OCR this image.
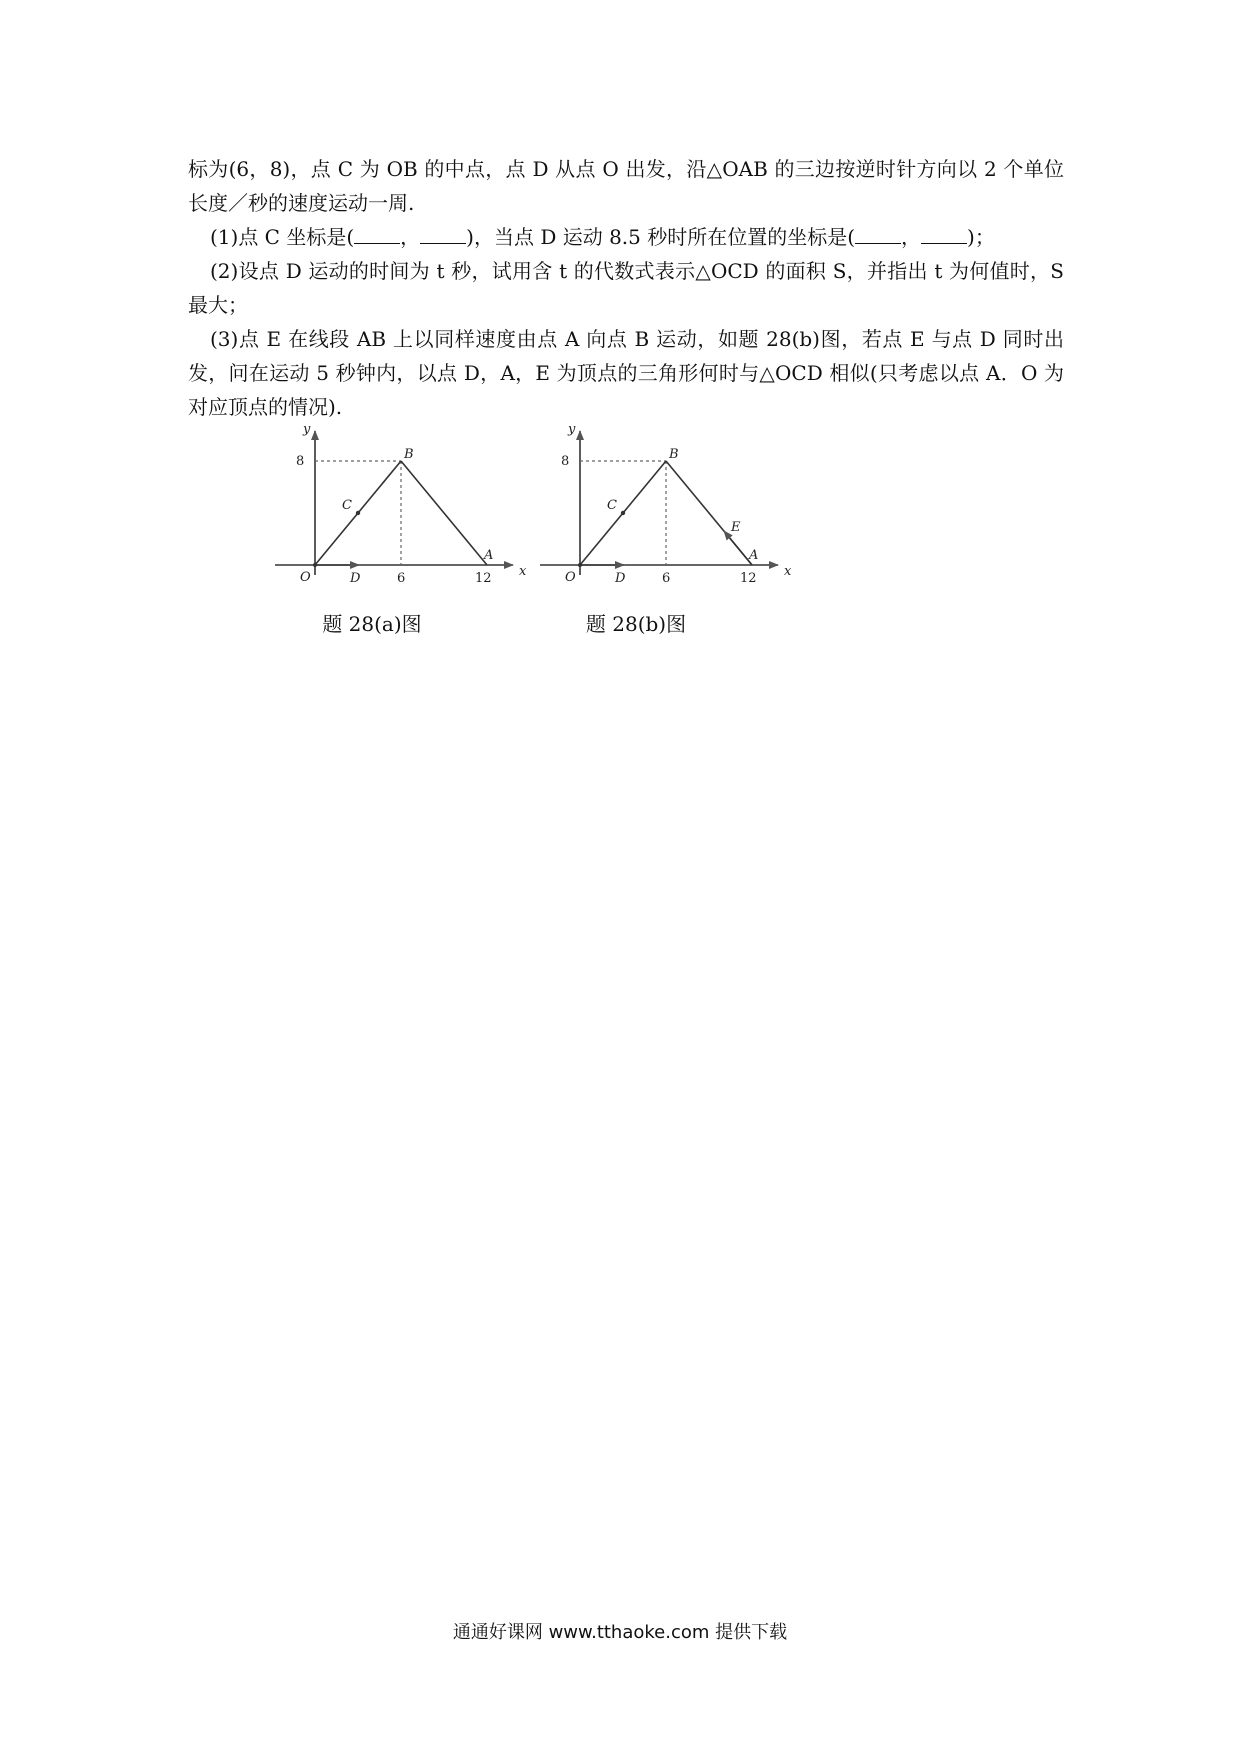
标为(6，8)，点 C 为 OB 的中点，点 D 从点 O 出发，沿△OAB 的三边按逆时针方向以 2 个单位长度／秒的速度运动一周.

(1)点 C 坐标是( ， )，当点 D 运动 8.5 秒时所在位置的坐标是( ， )；

(2)设点 D 运动的时间为 t 秒，试用含 t 的代数式表示△OCD 的面积 S，并指出 t 为何值时，S 最大；

(3)点 E 在线段 AB 上以同样速度由点 A 向点 B 运动，如题 28(b)图，若点 E 与点 D 同时出发，问在运动 5 秒钟内，以点 D，A，E 为顶点的三角形何时与△OCD 相似(只考虑以点 A．O 为对应顶点的情况).

y
x
O
B
C
D
A
8
6	12
y
x
O
B
C
D
E
A
8
6	12
题 28(a)图	题 28(b)图
通通好课网 www.tthaoke.com 提供下载
